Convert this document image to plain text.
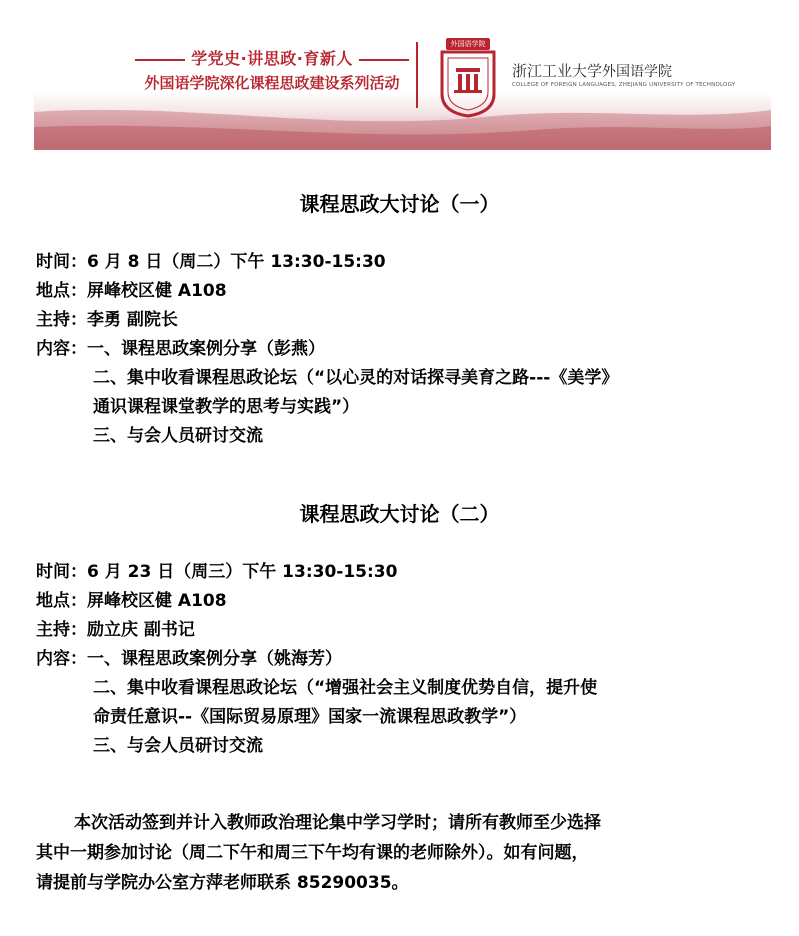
学党史·讲思政·育新人
外国语学院深化课程思政建设系列活动
外国语学院
浙江工业大学外国语学院
COLLEGE OF FOREIGN LANGUAGES, ZHEJIANG UNIVERSITY OF TECHNOLOGY
课程思政大讨论（一）
时间：6 月 8 日（周二）下午 13:30-15:30
地点：屏峰校区健 A108
主持：李勇 副院长
内容：一、课程思政案例分享（彭燕）
二、集中收看课程思政论坛（“以心灵的对话探寻美育之路---《美学》
通识课程课堂教学的思考与实践”）
三、与会人员研讨交流
课程思政大讨论（二）
时间：6 月 23 日（周三）下午 13:30-15:30
地点：屏峰校区健 A108
主持：励立庆 副书记
内容：一、课程思政案例分享（姚海芳）
二、集中收看课程思政论坛（“增强社会主义制度优势自信，提升使
命责任意识--《国际贸易原理》国家一流课程思政教学”）
三、与会人员研讨交流
本次活动签到并计入教师政治理论集中学习学时；请所有教师至少选择
其中一期参加讨论（周二下午和周三下午均有课的老师除外）。如有问题，
请提前与学院办公室方萍老师联系 85290035。
